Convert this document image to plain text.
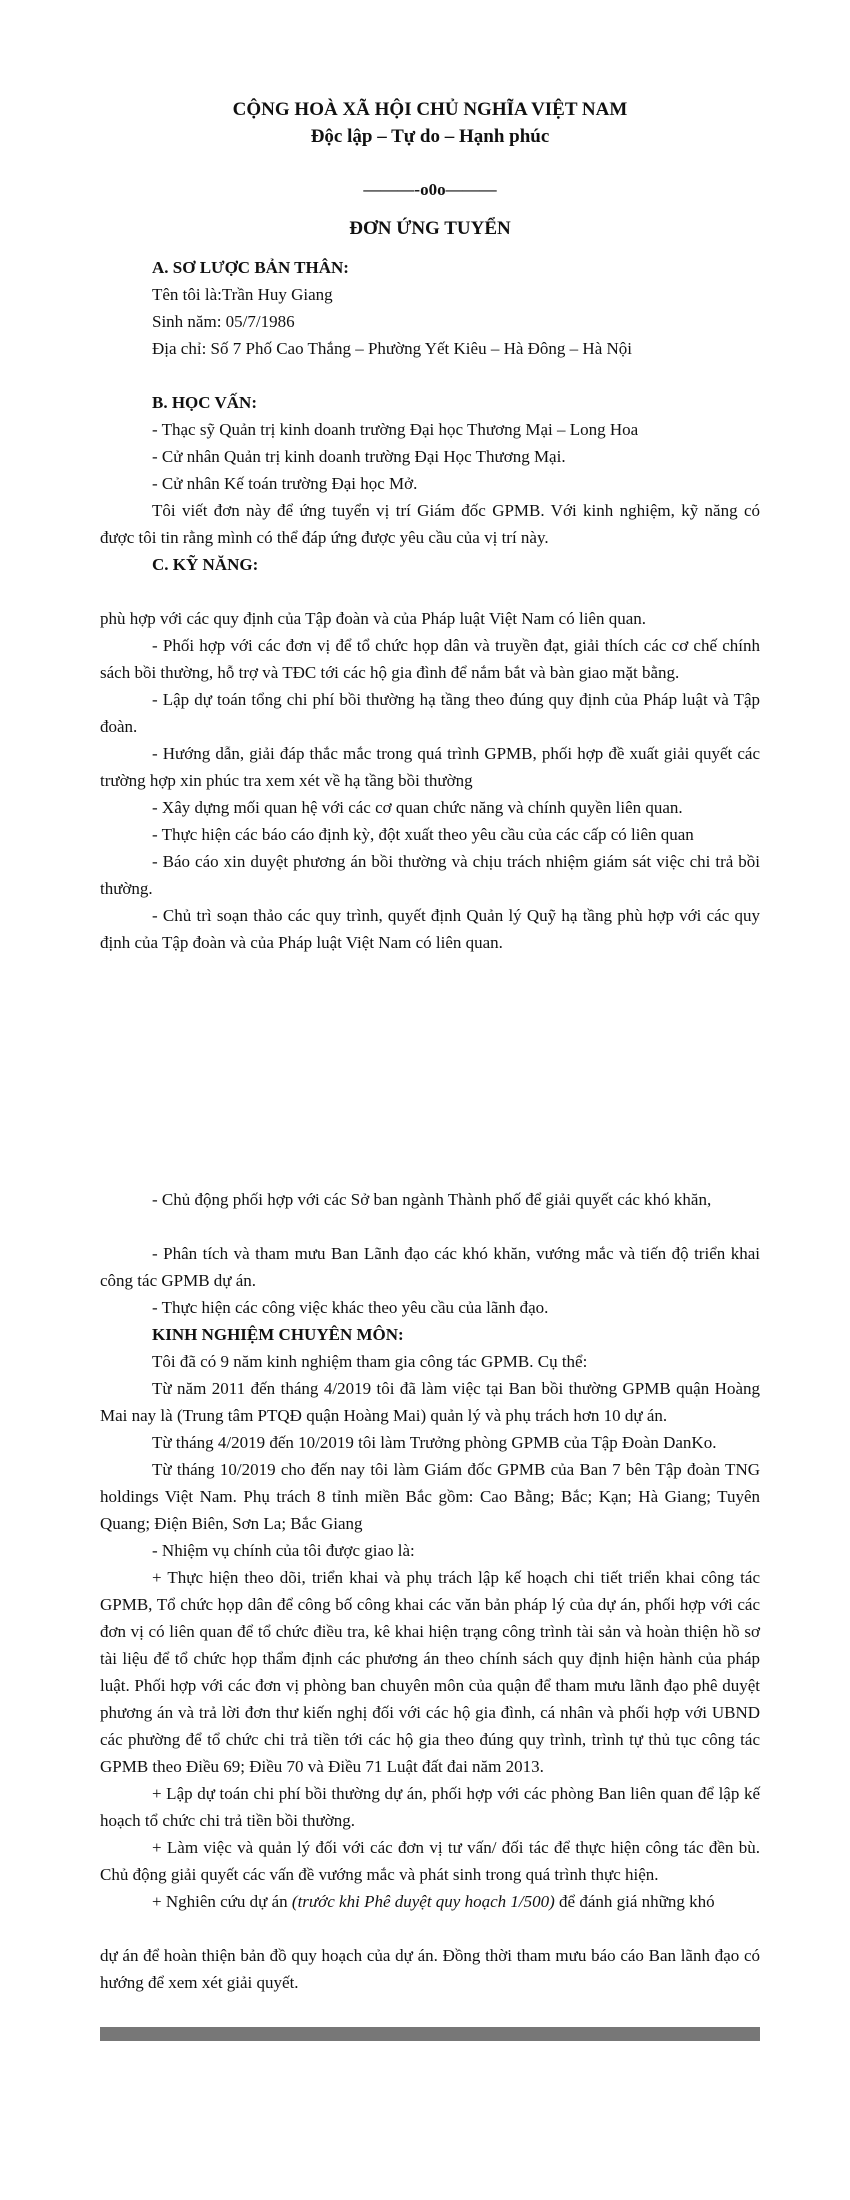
CỘNG HOÀ XÃ HỘI CHỦ NGHĨA VIỆT NAM

Độc lập – Tự do – Hạnh phúc

———-o0o———

ĐƠN ỨNG TUYỂN

A. SƠ LƯỢC BẢN THÂN:

Tên tôi là:Trần Huy Giang

Sinh năm: 05/7/1986

Địa chỉ: Số 7 Phố Cao Thắng – Phường Yết Kiêu – Hà Đông – Hà Nội

B. HỌC VẤN:

- Thạc sỹ Quản trị kinh doanh trường Đại học Thương Mại – Long Hoa

- Cử nhân Quản trị kinh doanh trường Đại Học Thương Mại.

- Cử nhân Kế toán trường Đại học Mở.

Tôi viết đơn này để ứng tuyển vị trí Giám đốc GPMB. Với kinh nghiệm, kỹ năng có được tôi tin rằng mình có thể đáp ứng được yêu cầu của vị trí này.

C. KỸ NĂNG:

phù hợp với các quy định của Tập đoàn và của Pháp luật Việt Nam có liên quan.

- Phối hợp với các đơn vị để tổ chức họp dân và truyền đạt, giải thích các cơ chế chính sách bồi thường, hỗ trợ và TĐC tới các hộ gia đình để nắm bắt và bàn giao mặt bằng.

- Lập dự toán tổng chi phí bồi thường hạ tầng theo đúng quy định của Pháp luật và Tập đoàn.

- Hướng dẫn, giải đáp thắc mắc trong quá trình GPMB, phối hợp đề xuất giải quyết các trường hợp xin phúc tra xem xét về hạ tầng bồi thường

- Xây dựng mối quan hệ với các cơ quan chức năng và chính quyền liên quan.

- Thực hiện các báo cáo định kỳ, đột xuất theo yêu cầu của các cấp có liên quan

- Báo cáo xin duyệt phương án bồi thường và chịu trách nhiệm giám sát việc chi trả bồi thường.

- Chủ trì soạn thảo các quy trình, quyết định Quản lý Quỹ hạ tầng phù hợp với các quy định của Tập đoàn và của Pháp luật Việt Nam có liên quan.

- Chủ động phối hợp với các Sở ban ngành Thành phố để giải quyết các khó khăn,

- Phân tích và tham mưu Ban Lãnh đạo các khó khăn, vướng mắc và tiến độ triển khai công tác GPMB dự án.

- Thực hiện các công việc khác theo yêu cầu của lãnh đạo.

KINH NGHIỆM CHUYÊN MÔN:

Tôi đã có 9 năm kinh nghiệm tham gia công tác GPMB. Cụ thể:

Từ năm 2011 đến tháng 4/2019 tôi đã làm việc tại Ban bồi thường GPMB quận Hoàng Mai nay là (Trung tâm PTQĐ quận Hoàng Mai) quản lý và phụ trách hơn 10 dự án.

Từ tháng 4/2019 đến 10/2019 tôi làm Trưởng phòng GPMB của Tập Đoàn DanKo.

Từ tháng 10/2019 cho đến nay tôi làm Giám đốc GPMB của Ban 7 bên Tập đoàn TNG holdings Việt Nam. Phụ trách 8 tỉnh miền Bắc gồm: Cao Bằng; Bắc; Kạn; Hà Giang; Tuyên Quang; Điện Biên, Sơn La; Bắc Giang

- Nhiệm vụ chính của tôi được giao là:

+ Thực hiện theo dõi, triển khai và phụ trách lập kế hoạch chi tiết triển khai công tác GPMB, Tổ chức họp dân để công bố công khai các văn bản pháp lý của dự án, phối hợp với các đơn vị có liên quan để tổ chức điều tra, kê khai hiện trạng công trình tài sản và hoàn thiện hồ sơ tài liệu để tổ chức họp thẩm định các phương án theo chính sách quy định hiện hành của pháp luật. Phối hợp với các đơn vị phòng ban chuyên môn của quận để tham mưu lãnh đạo phê duyệt phương án và trả lời đơn thư kiến nghị đối với các hộ gia đình, cá nhân và phối hợp với UBND các phường để tổ chức chi trả tiền tới các hộ gia theo đúng quy trình, trình tự thủ tục công tác GPMB theo Điều 69; Điều 70 và Điều 71 Luật đất đai năm 2013.

+ Lập dự toán chi phí bồi thường dự án, phối hợp với các phòng Ban liên quan để lập kế hoạch tổ chức chi trả tiền bồi thường.

+ Làm việc và quản lý đối với các đơn vị tư vấn/ đối tác để thực hiện công tác đền bù. Chủ động giải quyết các vấn đề vướng mắc và phát sinh trong quá trình thực hiện.

+ Nghiên cứu dự án (trước khi Phê duyệt quy hoạch 1/500) để đánh giá những khó

dự án để hoàn thiện bản đồ quy hoạch của dự án. Đồng thời tham mưu báo cáo Ban lãnh đạo có hướng để xem xét giải quyết.
